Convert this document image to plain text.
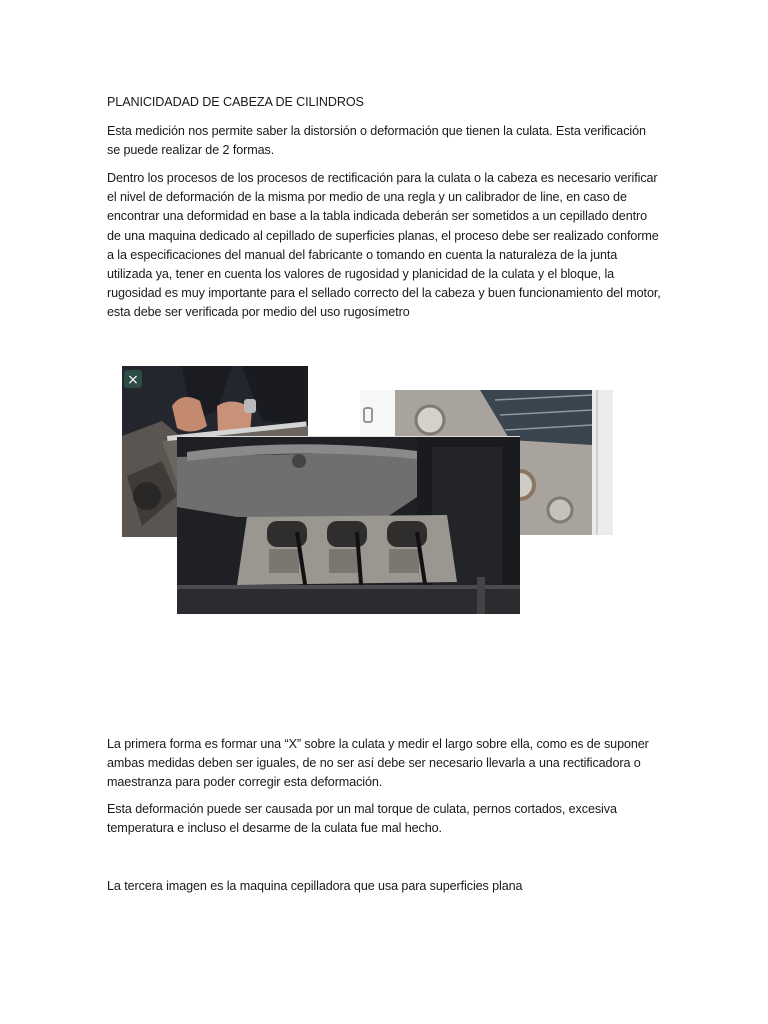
PLANICIDADAD DE CABEZA DE CILINDROS

Esta medición nos permite saber la distorsión o deformación que tienen la culata. Esta verificación se puede realizar de 2 formas.

Dentro los procesos de los procesos de rectificación para la culata o la cabeza es necesario verificar el nivel de deformación de la misma por medio de una regla y un calibrador de line, en caso de encontrar una deformidad en base a la tabla indicada deberán ser sometidos a un cepillado dentro de una maquina dedicado al cepillado de superficies planas, el proceso debe ser realizado conforme a la especificaciones del manual del fabricante o tomando en cuenta la naturaleza de la junta utilizada ya, tener en cuenta los valores de rugosidad y planicidad de la culata y el bloque, la rugosidad es muy importante para el sellado correcto del la cabeza y buen funcionamiento del motor, esta debe ser verificada por medio del uso rugosímetro

×

La primera forma es formar una “X” sobre la culata y medir el largo sobre ella, como es de suponer ambas medidas deben ser iguales, de no ser así debe ser necesario llevarla a una rectificadora o maestranza para poder corregir esta deformación.

Esta deformación puede ser causada por un mal torque de culata, pernos cortados, excesiva temperatura e incluso el desarme de la culata fue mal hecho.

La tercera imagen es la maquina cepilladora que usa para superficies plana
